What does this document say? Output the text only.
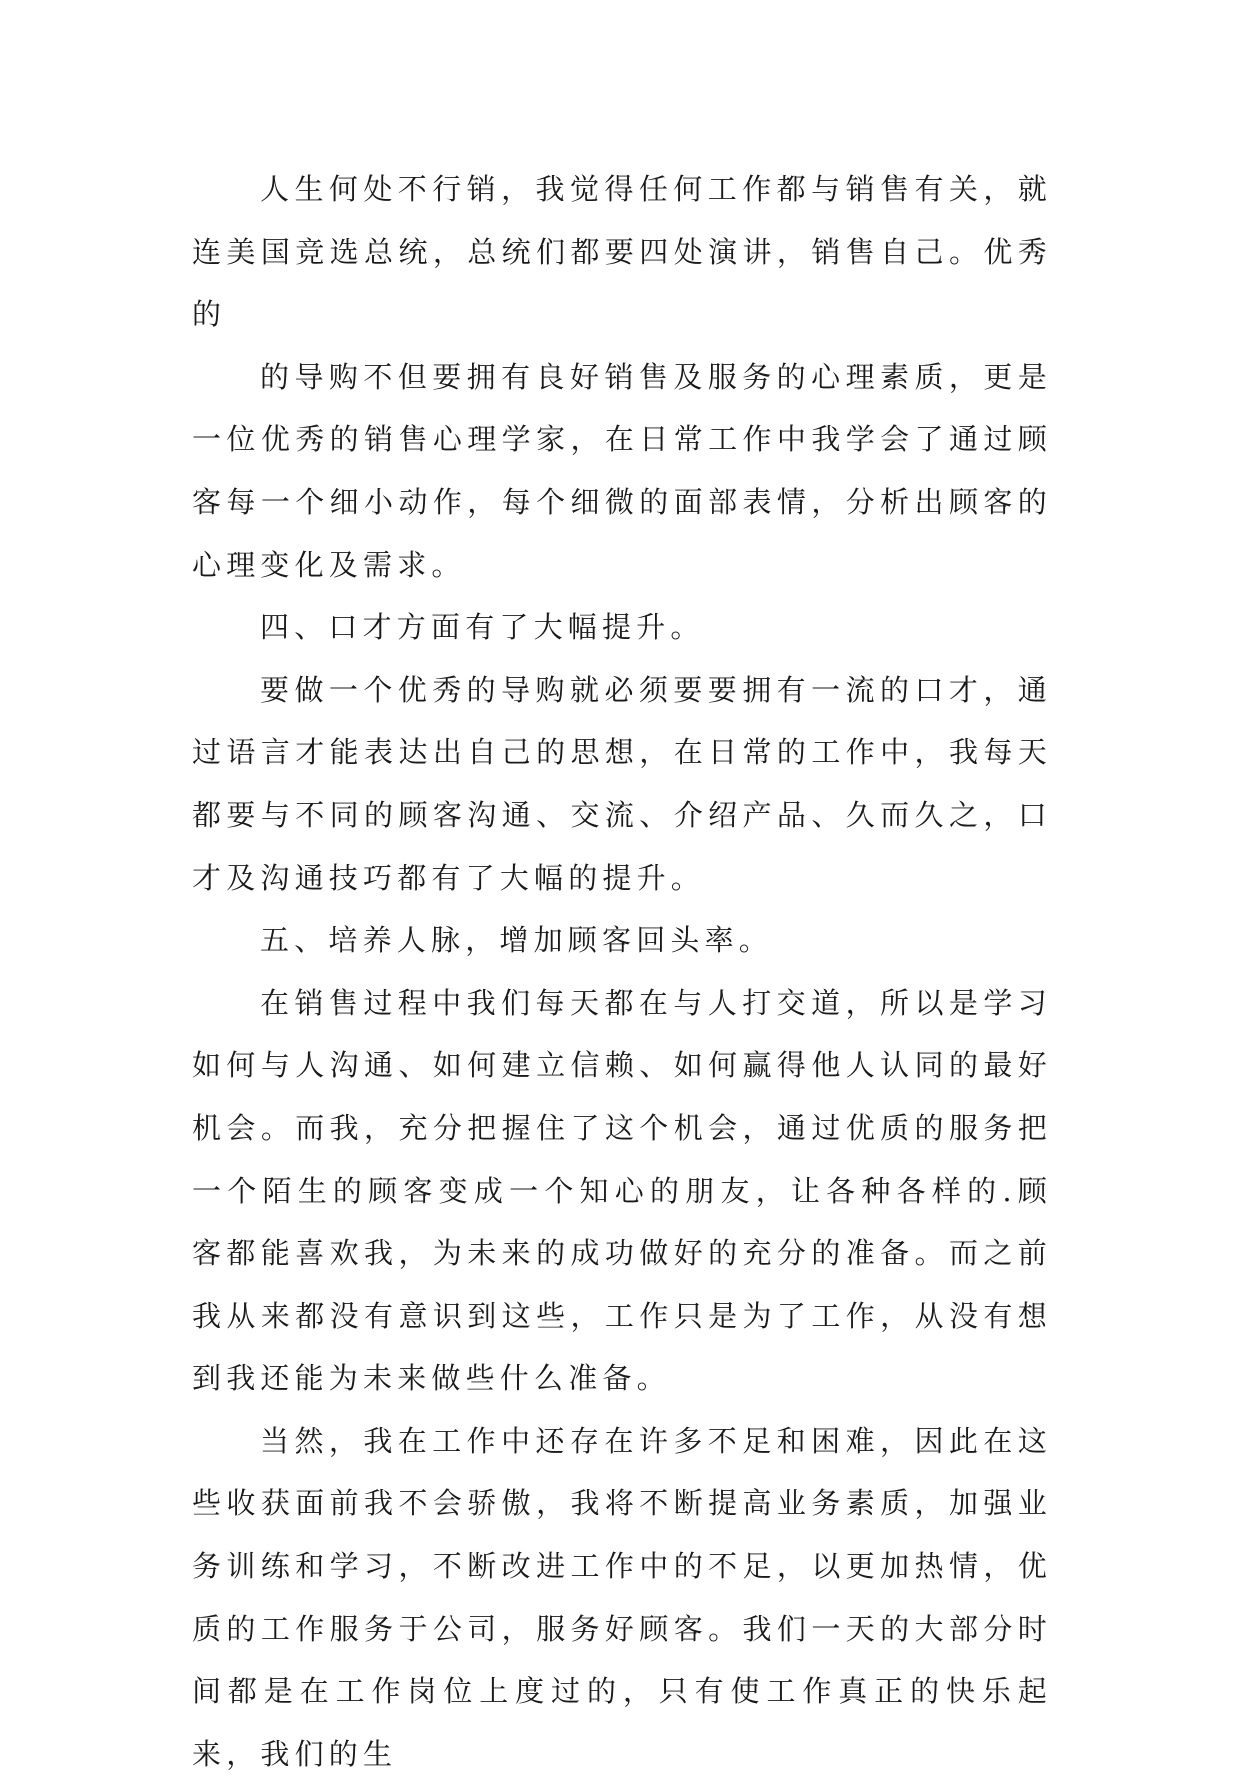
人生何处不行销，我觉得任何工作都与销售有关，就连美国竞选总统，总统们都要四处演讲，销售自己。优秀的

的导购不但要拥有良好销售及服务的心理素质，更是一位优秀的销售心理学家，在日常工作中我学会了通过顾客每一个细小动作，每个细微的面部表情，分析出顾客的心理变化及需求。

四、口才方面有了大幅提升。

要做一个优秀的导购就必须要要拥有一流的口才，通过语言才能表达出自己的思想，在日常的工作中，我每天都要与不同的顾客沟通、交流、介绍产品、久而久之，口才及沟通技巧都有了大幅的提升。

五、培养人脉，增加顾客回头率。

在销售过程中我们每天都在与人打交道，所以是学习如何与人沟通、如何建立信赖、如何赢得他人认同的最好机会。而我，充分把握住了这个机会，通过优质的服务把一个陌生的顾客变成一个知心的朋友，让各种各样的.顾客都能喜欢我，为未来的成功做好的充分的准备。而之前我从来都没有意识到这些，工作只是为了工作，从没有想到我还能为未来做些什么准备。

当然，我在工作中还存在许多不足和困难，因此在这些收获面前我不会骄傲，我将不断提高业务素质，加强业务训练和学习，不断改进工作中的不足，以更加热情，优质的工作服务于公司，服务好顾客。我们一天的大部分时间都是在工作岗位上度过的，只有使工作真正的快乐起来，我们的生
